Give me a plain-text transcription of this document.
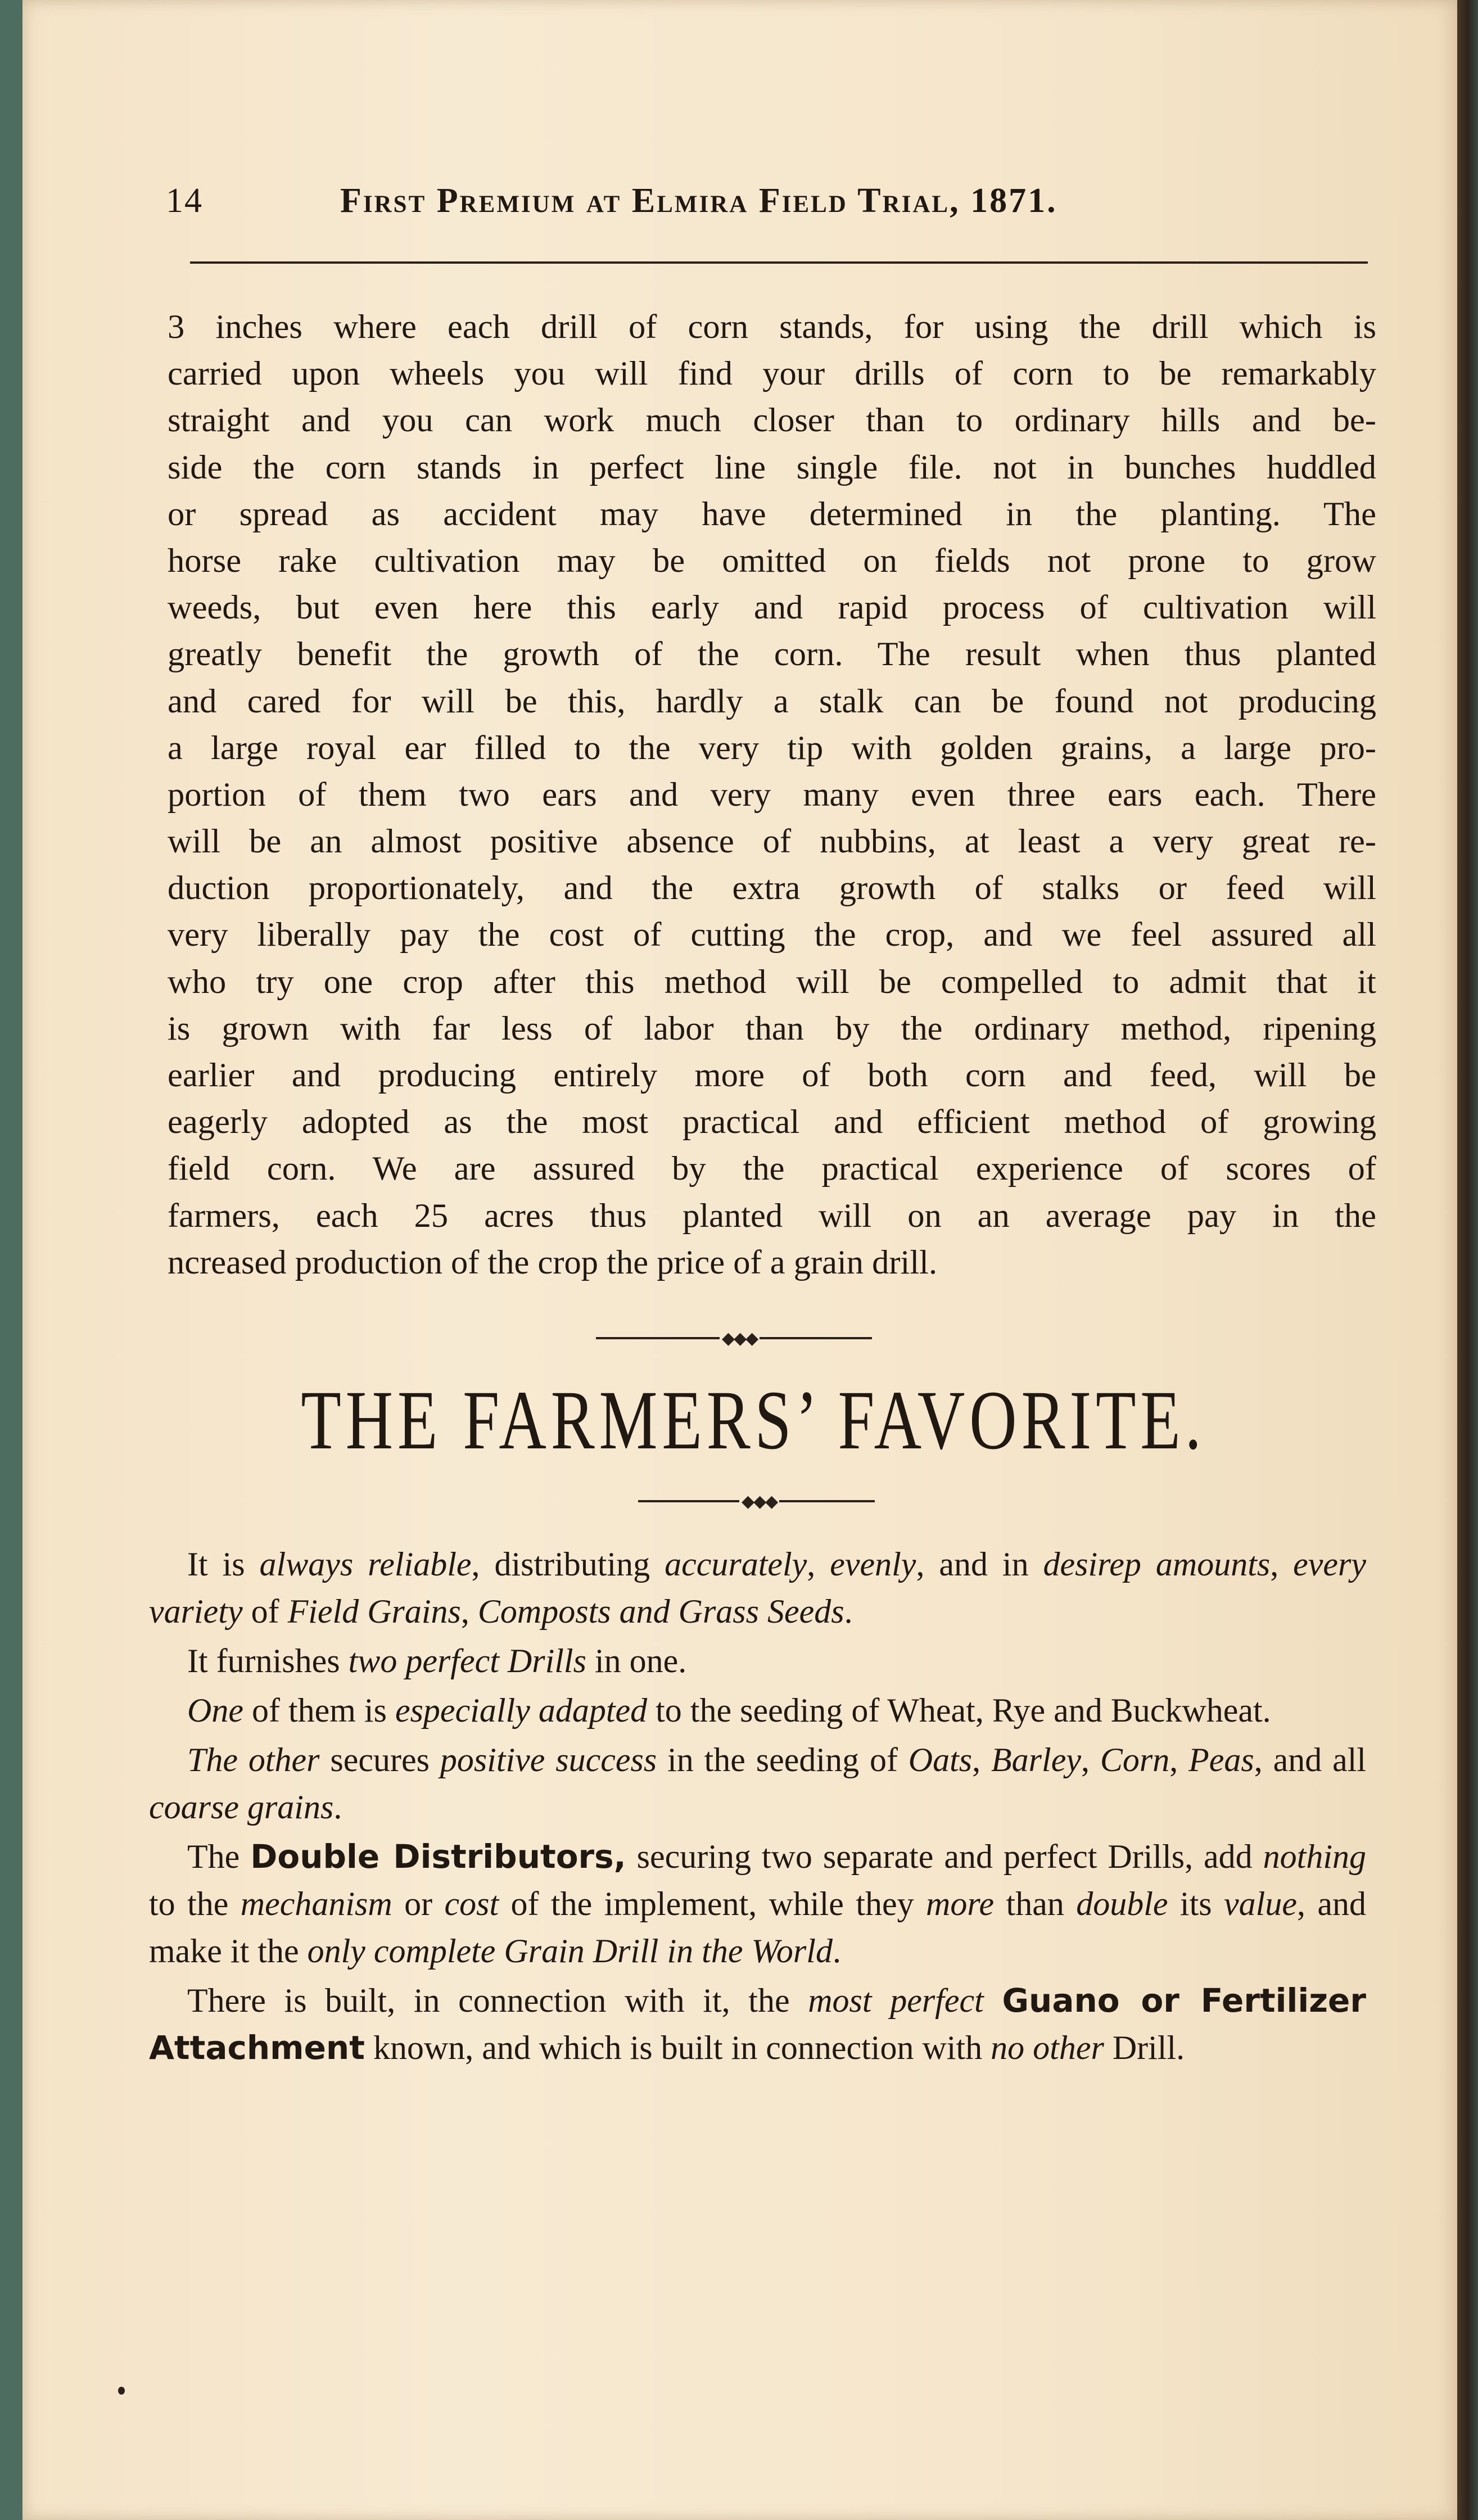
14	First Premium at Elmira Field Trial, 1871.
3 inches where each drill of corn stands, for using the drill which is
carried upon wheels you will find your drills of corn to be remarkably
straight and you can work much closer than to ordinary hills and be-
side the corn stands in perfect line single file. not in bunches huddled
or spread as accident may have determined in the planting. The
horse rake cultivation may be omitted on fields not prone to grow
weeds, but even here this early and rapid process of cultivation will
greatly benefit the growth of the corn. The result when thus planted
and cared for will be this, hardly a stalk can be found not producing
a large royal ear filled to the very tip with golden grains, a large pro-
portion of them two ears and very many even three ears each. There
will be an almost positive absence of nubbins, at least a very great re-
duction proportionately, and the extra growth of stalks or feed will
very liberally pay the cost of cutting the crop, and we feel assured all
who try one crop after this method will be compelled to admit that it
is grown with far less of labor than by the ordinary method, ripening
earlier and producing entirely more of both corn and feed, will be
eagerly adopted as the most practical and efficient method of growing
field corn. We are assured by the practical experience of scores of
farmers, each 25 acres thus planted will on an average pay in the
ncreased production of the crop the price of a grain drill.
◆◆◆
THE FARMERS’ FAVORITE.
◆◆◆

It is always reliable, distributing accurately, evenly, and in desirep amounts, every variety of Field Grains, Composts and Grass Seeds.

It furnishes two perfect Drills in one.

One of them is especially adapted to the seeding of Wheat, Rye and Buckwheat.

The other secures positive success in the seeding of Oats, Barley, Corn, Peas, and all coarse grains.

The Double Distributors, securing two separate and perfect Drills, add nothing to the mechanism or cost of the implement, while they more than double its value, and make it the only complete Grain Drill in the World.

There is built, in connection with it, the most perfect Guano or Fertilizer Attachment known, and which is built in connection with no other Drill.
